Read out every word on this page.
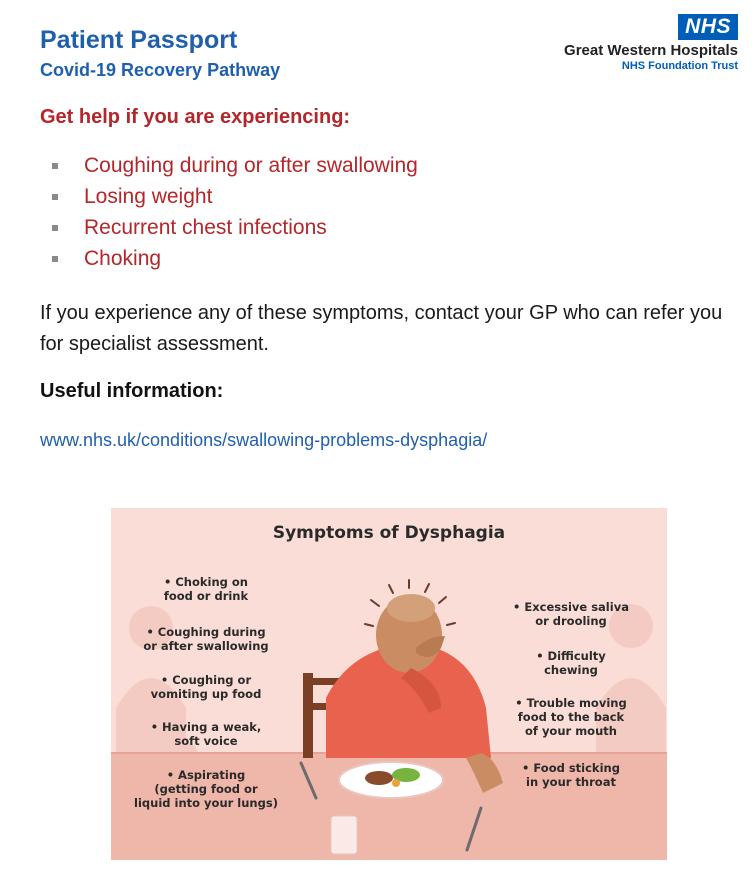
Patient Passport
Covid-19 Recovery Pathway
NHS
Great Western Hospitals
NHS Foundation Trust
Get help if you are experiencing:
Coughing during or after swallowing
Losing weight
Recurrent chest infections
Choking
If you experience any of these symptoms, contact your GP who can refer you for specialist assessment.
Useful information:
www.nhs.uk/conditions/swallowing-problems-dysphagia/
Symptoms of Dysphagia
• Choking on food or drink
• Coughing during or after swallowing
• Coughing or vomiting up food
• Having a weak, soft voice
• Aspirating (getting food or liquid into your lungs)
• Excessive saliva or drooling
• Difficulty chewing
• Trouble moving food to the back of your mouth
• Food sticking in your throat
